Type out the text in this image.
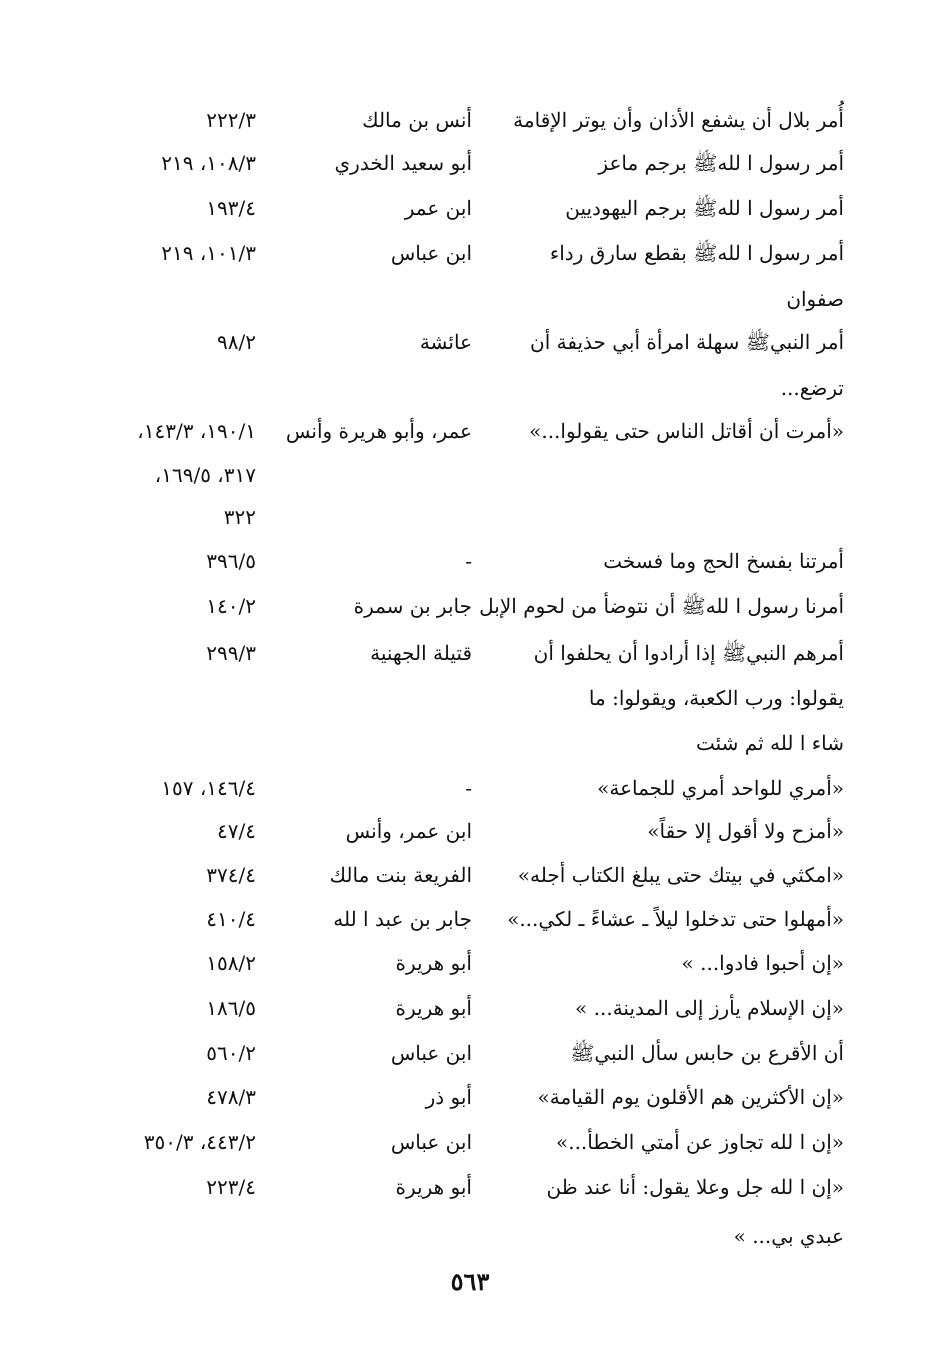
أُمر بلال أن يشفع الأذان وأن يوتر الإقامة
أنس بن مالك
٢٢٢/٣
أمر رسول ا للهﷺ برجم ماعز
أبو سعيد الخدري
١٠٨/٣، ٢١٩
أمر رسول ا للهﷺ برجم اليهوديين
ابن عمر
١٩٣/٤
أمر رسول ا للهﷺ بقطع سارق رداء
ابن عباس
١٠١/٣، ٢١٩
صفوان
أمر النبيﷺ سهلة امرأة أبي حذيفة أن
عائشة
٩٨/٢
ترضع...
«أمرت أن أقاتل الناس حتى يقولوا...»
عمر، وأبو هريرة وأنس
١٩٠/١، ١٤٣/٣،
٣١٧، ١٦٩/٥،
٣٢٢
أمرتنا بفسخ الحج وما فسخت
-
٣٩٦/٥
أمرنا رسول ا للهﷺ أن نتوضأ من لحوم الإبل
جابر بن سمرة
١٤٠/٢
أمرهم النبيﷺ إذا أرادوا أن يحلفوا أن
قتيلة الجهنية
٢٩٩/٣
يقولوا: ورب الكعبة، ويقولوا: ما
شاء ا لله ثم شئت
«أمري للواحد أمري للجماعة»
-
١٤٦/٤، ١٥٧
«أمزح ولا أقول إلا حقاً»
ابن عمر، وأنس
٤٧/٤
«امكثي في بيتك حتى يبلغ الكتاب أجله»
الفريعة بنت مالك
٣٧٤/٤
«أمهلوا حتى تدخلوا ليلاً ـ عشاءً ـ لكي...»
جابر بن عبد ا لله
٤١٠/٤
«إن أحبوا فادوا... »
أبو هريرة
١٥٨/٢
«إن الإسلام يأرز إلى المدينة... »
أبو هريرة
١٨٦/٥
أن الأقرع بن حابس سأل النبيﷺ
ابن عباس
٥٦٠/٢
«إن الأكثرين هم الأقلون يوم القيامة»
أبو ذر
٤٧٨/٣
«إن ا لله تجاوز عن أمتي الخطأ...»
ابن عباس
٤٤٣/٢، ٣٥٠/٣
«إن ا لله جل وعلا يقول: أنا عند ظن
أبو هريرة
٢٢٣/٤
عبدي بي... »
٥٦٣
